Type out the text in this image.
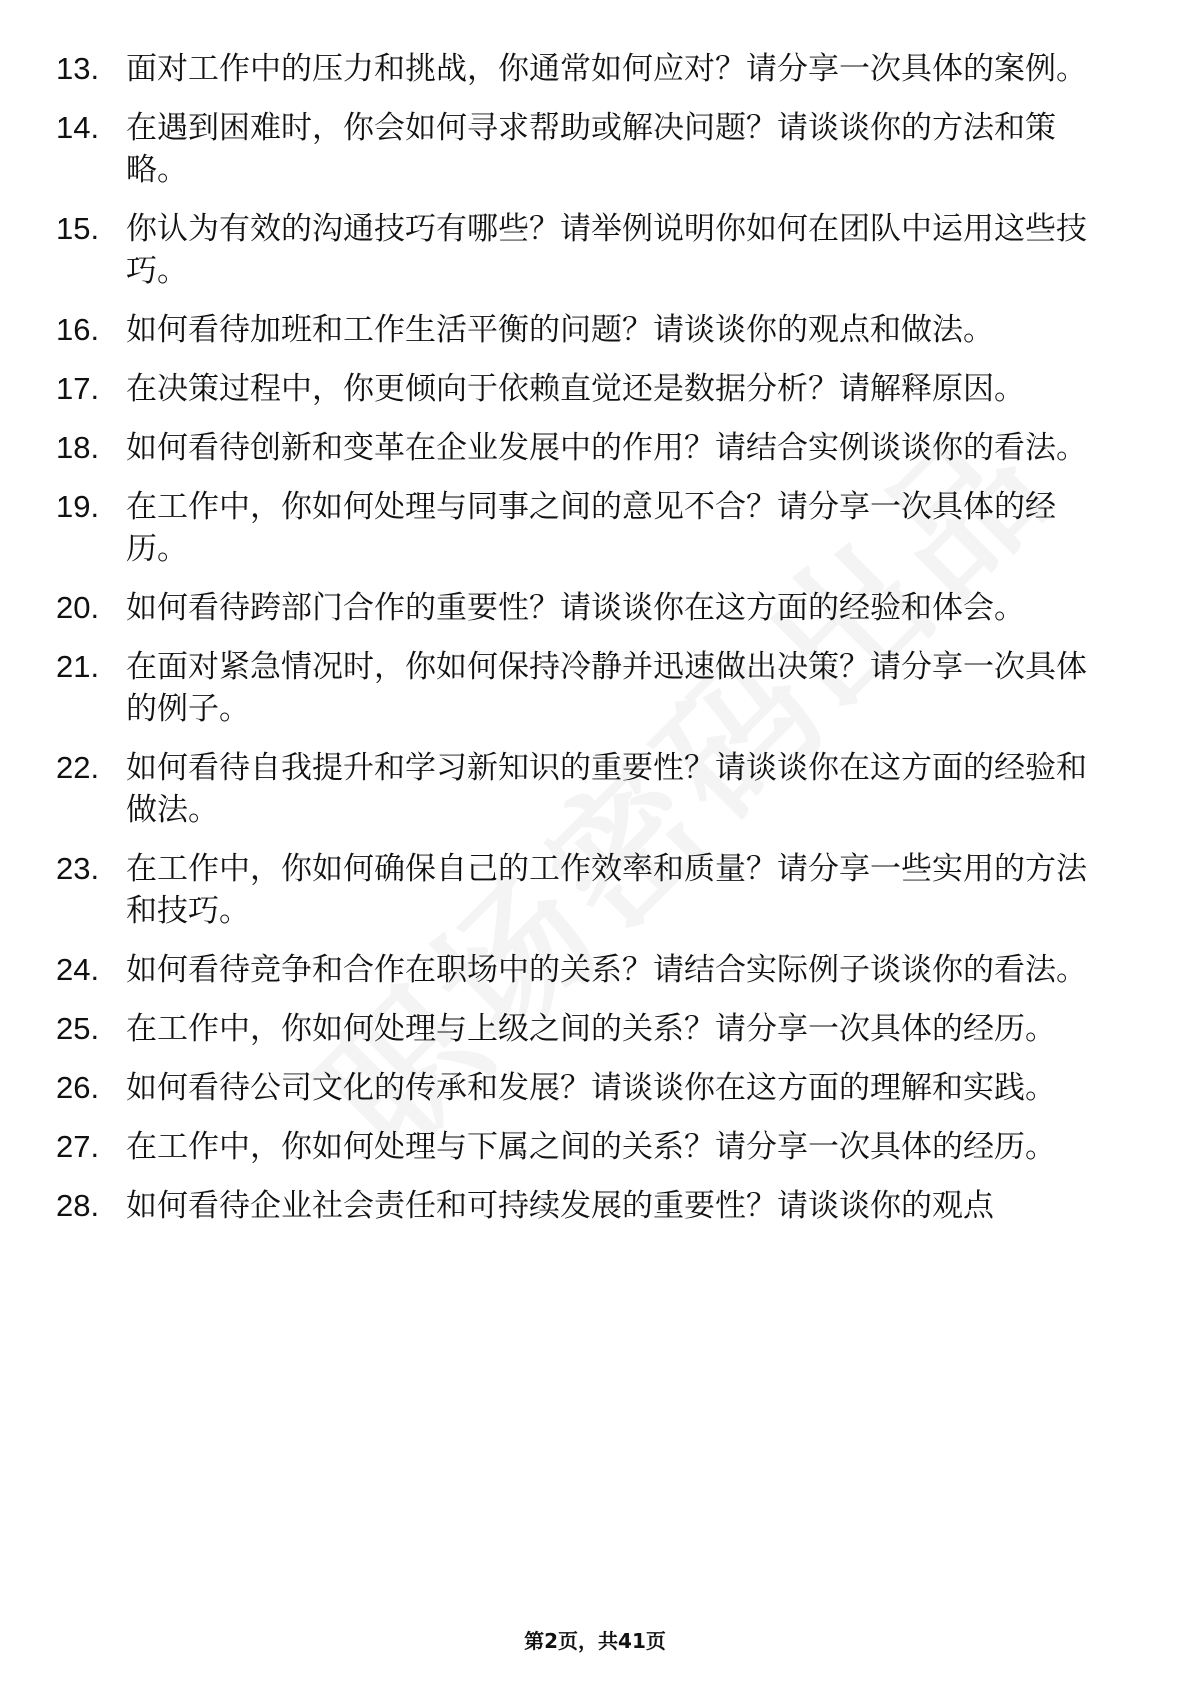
13. 面对工作中的压力和挑战，你通常如何应对？请分享一次具体的案例。
14. 在遇到困难时，你会如何寻求帮助或解决问题？请谈谈你的方法和策略。
15. 你认为有效的沟通技巧有哪些？请举例说明你如何在团队中运用这些技巧。
16. 如何看待加班和工作生活平衡的问题？请谈谈你的观点和做法。
17. 在决策过程中，你更倾向于依赖直觉还是数据分析？请解释原因。
18. 如何看待创新和变革在企业发展中的作用？请结合实例谈谈你的看法。
19. 在工作中，你如何处理与同事之间的意见不合？请分享一次具体的经历。
20. 如何看待跨部门合作的重要性？请谈谈你在这方面的经验和体会。
21. 在面对紧急情况时，你如何保持冷静并迅速做出决策？请分享一次具体的例子。
22. 如何看待自我提升和学习新知识的重要性？请谈谈你在这方面的经验和做法。
23. 在工作中，你如何确保自己的工作效率和质量？请分享一些实用的方法和技巧。
24. 如何看待竞争和合作在职场中的关系？请结合实际例子谈谈你的看法。
25. 在工作中，你如何处理与上级之间的关系？请分享一次具体的经历。
26. 如何看待公司文化的传承和发展？请谈谈你在这方面的理解和实践。
27. 在工作中，你如何处理与下属之间的关系？请分享一次具体的经历。
28. 如何看待企业社会责任和可持续发展的重要性？请谈谈你的观点
第2页，共41页
